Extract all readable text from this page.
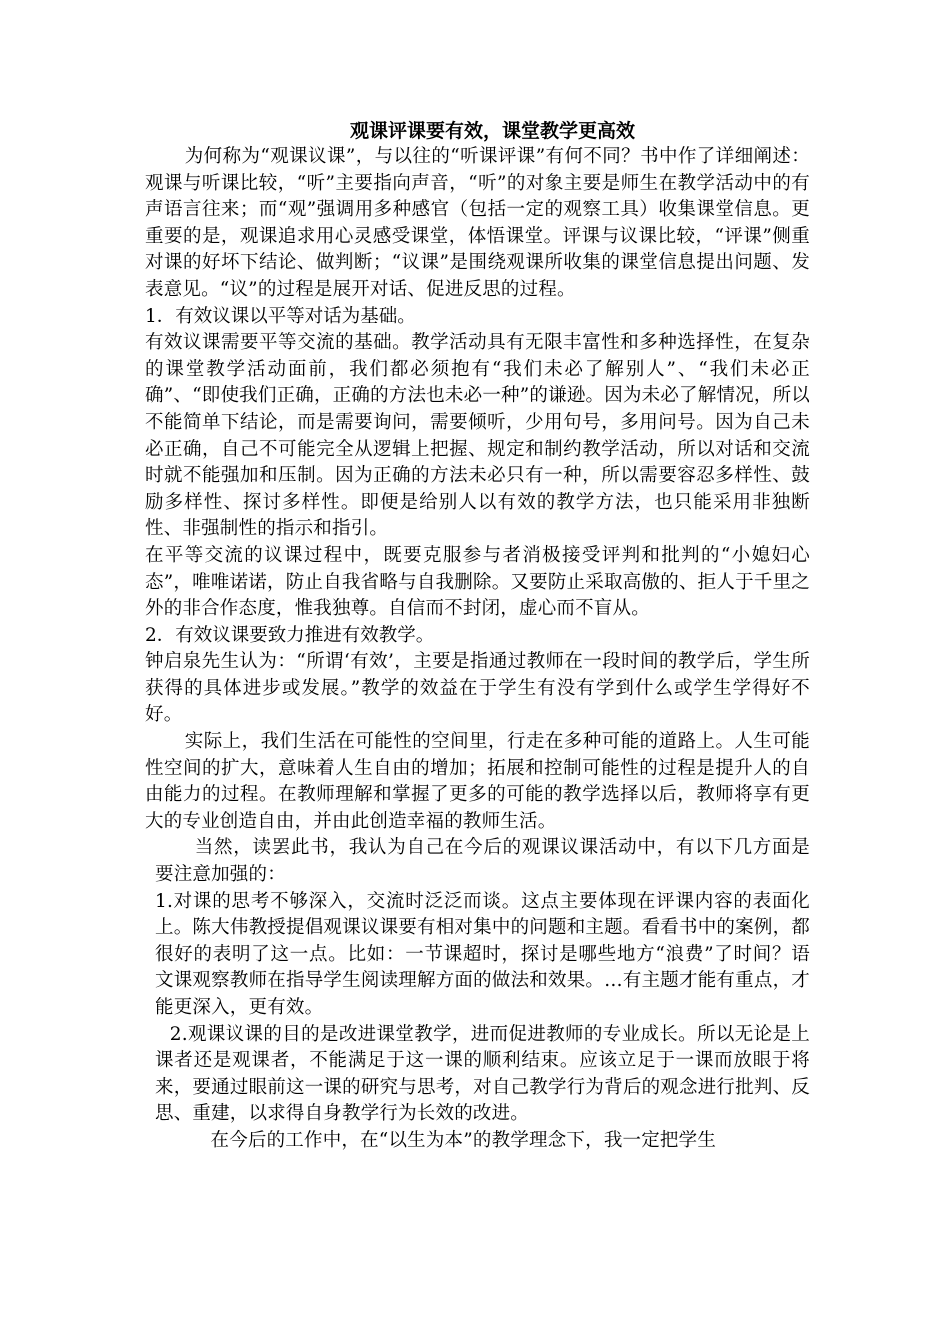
观课评课要有效，课堂教学更高效

为何称为“观课议课”，与以往的“听课评课”有何不同？书中作了详细阐述：观课与听课比较，“听”主要指向声音，“听”的对象主要是师生在教学活动中的有声语言往来；而“观”强调用多种感官（包括一定的观察工具）收集课堂信息。更重要的是，观课追求用心灵感受课堂，体悟课堂。评课与议课比较，“评课”侧重对课的好坏下结论、做判断；“议课”是围绕观课所收集的课堂信息提出问题、发表意见。“议”的过程是展开对话、促进反思的过程。

1．有效议课以平等对话为基础。

有效议课需要平等交流的基础。教学活动具有无限丰富性和多种选择性，在复杂的课堂教学活动面前，我们都必须抱有“我们未必了解别人”、“我们未必正确”、“即使我们正确，正确的方法也未必一种”的谦逊。因为未必了解情况，所以不能简单下结论，而是需要询问，需要倾听，少用句号，多用问号。因为自己未必正确，自己不可能完全从逻辑上把握、规定和制约教学活动，所以对话和交流时就不能强加和压制。因为正确的方法未必只有一种，所以需要容忍多样性、鼓励多样性、探讨多样性。即便是给别人以有效的教学方法，也只能采用非独断性、非强制性的指示和指引。

在平等交流的议课过程中，既要克服参与者消极接受评判和批判的“小媳妇心态”，唯唯诺诺，防止自我省略与自我删除。又要防止采取高傲的、拒人于千里之外的非合作态度，惟我独尊。自信而不封闭，虚心而不盲从。

2．有效议课要致力推进有效教学。

钟启泉先生认为：“所谓‘有效’，主要是指通过教师在一段时间的教学后，学生所获得的具体进步或发展。”教学的效益在于学生有没有学到什么或学生学得好不好。

实际上，我们生活在可能性的空间里，行走在多种可能的道路上。人生可能性空间的扩大，意味着人生自由的增加；拓展和控制可能性的过程是提升人的自由能力的过程。在教师理解和掌握了更多的可能的教学选择以后，教师将享有更大的专业创造自由，并由此创造幸福的教师生活。

当然，读罢此书，我认为自己在今后的观课议课活动中，有以下几方面是要注意加强的：

1.对课的思考不够深入，交流时泛泛而谈。这点主要体现在评课内容的表面化上。陈大伟教授提倡观课议课要有相对集中的问题和主题。看看书中的案例，都很好的表明了这一点。比如：一节课超时，探讨是哪些地方“浪费”了时间？语文课观察教师在指导学生阅读理解方面的做法和效果。…有主题才能有重点，才能更深入，更有效。

2.观课议课的目的是改进课堂教学，进而促进教师的专业成长。所以无论是上课者还是观课者，不能满足于这一课的顺利结束。应该立足于一课而放眼于将来，要通过眼前这一课的研究与思考，对自己教学行为背后的观念进行批判、反思、重建，以求得自身教学行为长效的改进。

在今后的工作中，在“以生为本”的教学理念下，我一定把学生
